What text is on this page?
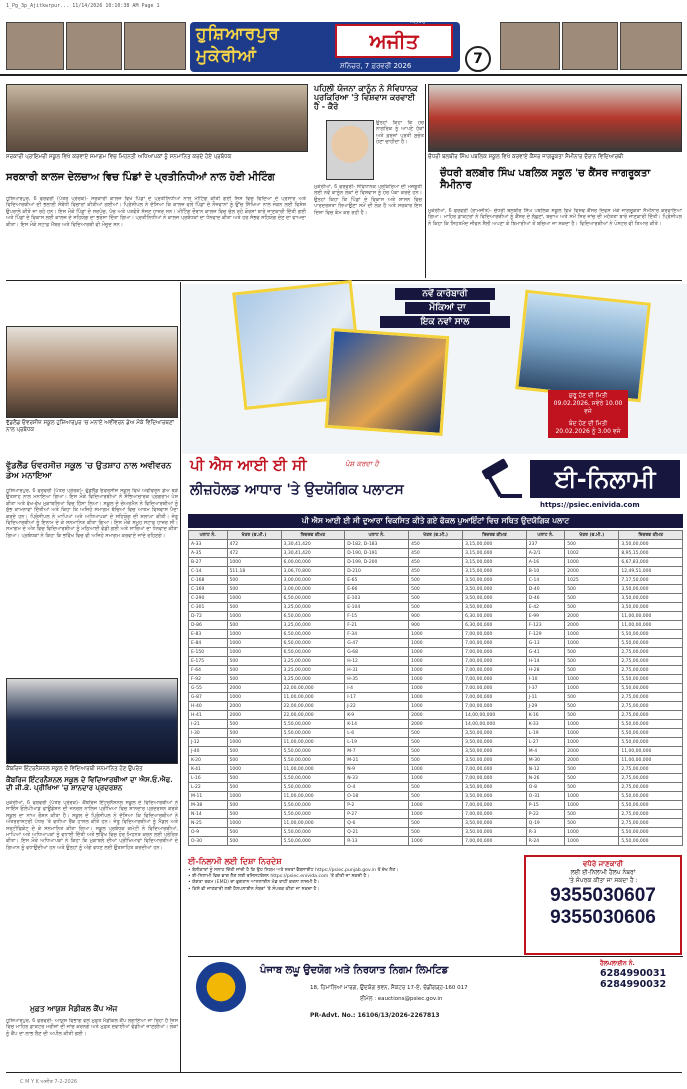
1_Pg_3p_Ajitkwrpur... 11/14/2026 10:10:38 AM Page 1
ਹੁਸ਼ਿਆਰਪੁਰ
ਮੁਕੇਰੀਆਂ
ਅਜੀਤ
ਜਲੰਧਰ
ਸ਼ਨਿਚਰ, 7 ਫ਼ਰਵਰੀ 2026	7
ਸਰਕਾਰੀ ਪ੍ਰਾਇਮਰੀ ਸਕੂਲ ਵਿਖੇ ਕਰਵਾਏ ਸਮਾਗਮ ਵਿਚ ਮਿਹਨਤੀ ਅਧਿਆਪਕਾਂ ਨੂੰ ਸਨਮਾਨਿਤ ਕਰਦੇ ਹੋਏ ਪ੍ਰਬੰਧਕ
ਸਰਕਾਰੀ ਕਾਲਜ ਦੇਲਚਾਅ ਵਿਚ ਪਿੰਡਾਂ ਦੇ ਪ੍ਰਤੀਨਿਧੀਆਂ ਨਾਲ ਹੋਈ ਮੀਟਿੰਗ
ਹੁਸ਼ਿਆਰਪੁਰ, 6 ਫਰਵਰੀ (ਪੱਤਰ ਪ੍ਰੇਰਕ)- ਸਰਕਾਰੀ ਕਾਲਜ ਵਿਖੇ ਪਿੰਡਾਂ ਦੇ ਪ੍ਰਤੀਨਿਧੀਆਂ ਨਾਲ ਮੀਟਿੰਗ ਕੀਤੀ ਗਈ ਜਿਸ ਵਿਚ ਵਿਦਿਆ ਦੇ ਪ੍ਰਸਾਰ ਅਤੇ ਵਿਦਿਆਰਥੀਆਂ ਦੀ ਭਲਾਈ ਸੰਬੰਧੀ ਵਿਚਾਰਾਂ ਕੀਤੀਆਂ ਗਈਆਂ। ਪ੍ਰਿੰਸੀਪਲ ਨੇ ਦੱਸਿਆ ਕਿ ਕਾਲਜ ਵਲੋਂ ਪਿੰਡਾਂ ਦੇ ਨੌਜਵਾਨਾਂ ਨੂੰ ਉੱਚ ਸਿੱਖਿਆ ਨਾਲ ਜੋੜਨ ਲਈ ਵਿਸ਼ੇਸ਼ ਉਪਰਾਲੇ ਕੀਤੇ ਜਾ ਰਹੇ ਹਨ। ਇਸ ਮੌਕੇ ਪਿੰਡਾਂ ਦੇ ਸਰਪੰਚ, ਪੰਚ ਅਤੇ ਪਤਵੰਤੇ ਸੱਜਣ ਹਾਜ਼ਰ ਸਨ। ਮੀਟਿੰਗ ਦੌਰਾਨ ਕਾਲਜ ਵਿਚ ਚੱਲ ਰਹੇ ਕੋਰਸਾਂ ਬਾਰੇ ਜਾਣਕਾਰੀ ਦਿੱਤੀ ਗਈ ਅਤੇ ਪਿੰਡਾਂ ਦੇ ਵਿਕਾਸ ਲਈ ਕਾਲਜ ਦੇ ਸਹਿਯੋਗ ਦਾ ਭਰੋਸਾ ਦਿੱਤਾ ਗਿਆ। ਪ੍ਰਤੀਨਿਧੀਆਂ ਨੇ ਕਾਲਜ ਪ੍ਰਬੰਧਕਾਂ ਦਾ ਧੰਨਵਾਦ ਕੀਤਾ ਅਤੇ ਹਰ ਸੰਭਵ ਸਹਿਯੋਗ ਦੇਣ ਦਾ ਵਾਅਦਾ ਕੀਤਾ। ਇਸ ਮੌਕੇ ਸਟਾਫ਼ ਮੈਂਬਰ ਅਤੇ ਵਿਦਿਆਰਥੀ ਵੀ ਮੌਜੂਦ ਸਨ।
ਪਹਿਲੀ ਯੋਜਨਾ ਕਾਨੂੰਨ ਨੇ ਸੰਵਿਧਾਨਕ ਪ੍ਰਕਿਰਿਆ 'ਤੇ ਵਿਸ਼ਵਾਸ ਕਰਵਾਈ ਹੈ - ਕੈਰੋ
ਮੁਕੇਰੀਆਂ, 6 ਫਰਵਰੀ- ਸੰਵਿਧਾਨਕ ਪ੍ਰਕਿਰਿਆ ਦੀ ਮਜ਼ਬੂਤੀ ਲਈ ਨਵੇਂ ਕਾਨੂੰਨ ਲੋਕਾਂ ਦੇ ਵਿਸ਼ਵਾਸ ਨੂੰ ਹੋਰ ਪੱਕਾ ਕਰਦੇ ਹਨ। ਉਨ੍ਹਾਂ ਕਿਹਾ ਕਿ ਪਿੰਡਾਂ ਦੇ ਵਿਕਾਸ ਅਤੇ ਸ਼ਾਸਨ ਵਿਚ ਪਾਰਦਰਸ਼ਤਾ ਲਿਆਉਣਾ ਸਮੇਂ ਦੀ ਲੋੜ ਹੈ ਅਤੇ ਸਰਕਾਰ ਇਸ ਦਿਸ਼ਾ ਵਿਚ ਕੰਮ ਕਰ ਰਹੀ ਹੈ।
ਉਨ੍ਹਾਂ ਕਿਹਾ ਕਿ ਹਰ ਨਾਗਰਿਕ ਨੂੰ ਆਪਣੇ ਹੱਕਾਂ ਅਤੇ ਫ਼ਰਜ਼ਾਂ ਪ੍ਰਤੀ ਸੁਚੇਤ ਹੋਣਾ ਚਾਹੀਦਾ ਹੈ।
ਚੌਧਰੀ ਬਲਬੀਰ ਸਿੰਘ ਪਬਲਿਕ ਸਕੂਲ ਵਿਖੇ ਕਰਵਾਏ ਕੈਂਸਰ ਜਾਗਰੂਕਤਾ ਸੈਮੀਨਾਰ ਦੌਰਾਨ ਵਿਦਿਆਰਥੀ
ਚੌਧਰੀ ਬਲਬੀਰ ਸਿੰਘ ਪਬਲਿਕ ਸਕੂਲ 'ਚ ਕੈਂਸਰ ਜਾਗਰੂਕਤਾ ਸੈਮੀਨਾਰ
ਮੁਕੇਰੀਆਂ, 6 ਫਰਵਰੀ (ਰਾਮਜੀਤ)- ਚੌਧਰੀ ਬਲਬੀਰ ਸਿੰਘ ਪਬਲਿਕ ਸਕੂਲ ਵਿਖੇ ਵਿਸ਼ਵ ਕੈਂਸਰ ਦਿਵਸ ਮੌਕੇ ਜਾਗਰੂਕਤਾ ਸੈਮੀਨਾਰ ਕਰਵਾਇਆ ਗਿਆ। ਮਾਹਿਰ ਡਾਕਟਰਾਂ ਨੇ ਵਿਦਿਆਰਥੀਆਂ ਨੂੰ ਕੈਂਸਰ ਦੇ ਲੱਛਣਾਂ, ਬਚਾਅ ਅਤੇ ਸਮੇਂ ਸਿਰ ਜਾਂਚ ਦੀ ਮਹੱਤਤਾ ਬਾਰੇ ਜਾਣਕਾਰੀ ਦਿੱਤੀ। ਪ੍ਰਿੰਸੀਪਲ ਨੇ ਕਿਹਾ ਕਿ ਸਿਹਤਮੰਦ ਜੀਵਨ ਸ਼ੈਲੀ ਅਪਣਾ ਕੇ ਬਿਮਾਰੀਆਂ ਤੋਂ ਬਚਿਆ ਜਾ ਸਕਦਾ ਹੈ। ਵਿਦਿਆਰਥੀਆਂ ਨੇ ਪੋਸਟਰ ਵੀ ਤਿਆਰ ਕੀਤੇ।
ਵੁੱਡਲੈਂਡ ਓਵਰਸੀਜ਼ ਸਕੂਲ ਹੁਸ਼ਿਆਰਪੁਰ 'ਚ ਮਨਾਏ ਅਵੀਵਰਨ ਡੇਅ ਮੌਕੇ ਵਿਦਿਆਰਥਣਾਂ ਨਾਲ ਪ੍ਰਬੰਧਕ
ਵੁੱਡਲੈਂਡ ਓਵਰਸੀਜ਼ ਸਕੂਲ 'ਚ ਉਤਸ਼ਾਹ ਨਾਲ ਅਵੀਵਰਨ ਡੇਅ ਮਨਾਇਆ
ਹੁਸ਼ਿਆਰਪੁਰ, 6 ਫਰਵਰੀ (ਪੱਤਰ ਪ੍ਰੇਰਕ)- ਵੁੱਡਲੈਂਡ ਓਵਰਸੀਜ਼ ਸਕੂਲ ਵਿਖੇ ਅਵੀਵਰਨ ਡੇਅ ਬੜੇ ਉਤਸ਼ਾਹ ਨਾਲ ਮਨਾਇਆ ਗਿਆ। ਇਸ ਮੌਕੇ ਵਿਦਿਆਰਥੀਆਂ ਨੇ ਸੱਭਿਆਚਾਰਕ ਪ੍ਰੋਗਰਾਮ ਪੇਸ਼ ਕੀਤਾ ਅਤੇ ਵੱਖ-ਵੱਖ ਮੁਕਾਬਲਿਆਂ ਵਿਚ ਹਿੱਸਾ ਲਿਆ। ਸਕੂਲ ਦੇ ਚੇਅਰਮੈਨ ਨੇ ਵਿਦਿਆਰਥੀਆਂ ਨੂੰ ਸ਼ੁੱਭ ਕਾਮਨਾਵਾਂ ਦਿੱਤੀਆਂ ਅਤੇ ਕਿਹਾ ਕਿ ਅਜਿਹੇ ਸਮਾਗਮ ਬੱਚਿਆਂ ਵਿਚ ਆਤਮ ਵਿਸ਼ਵਾਸ ਪੈਦਾ ਕਰਦੇ ਹਨ। ਪ੍ਰਿੰਸੀਪਲ ਨੇ ਮਾਪਿਆਂ ਅਤੇ ਅਧਿਆਪਕਾਂ ਦੇ ਸਹਿਯੋਗ ਦੀ ਸ਼ਲਾਘਾ ਕੀਤੀ। ਜੇਤੂ ਵਿਦਿਆਰਥੀਆਂ ਨੂੰ ਇਨਾਮ ਦੇ ਕੇ ਸਨਮਾਨਿਤ ਕੀਤਾ ਗਿਆ। ਇਸ ਮੌਕੇ ਸਮੂਹ ਸਟਾਫ਼ ਹਾਜ਼ਰ ਸੀ। ਸਮਾਗਮ ਦੇ ਅੰਤ ਵਿਚ ਵਿਦਿਆਰਥੀਆਂ ਨੂੰ ਮਠਿਆਈ ਵੰਡੀ ਗਈ ਅਤੇ ਸਾਰਿਆਂ ਦਾ ਧੰਨਵਾਦ ਕੀਤਾ ਗਿਆ। ਪ੍ਰਬੰਧਕਾਂ ਨੇ ਕਿਹਾ ਕਿ ਭਵਿੱਖ ਵਿਚ ਵੀ ਅਜਿਹੇ ਸਮਾਗਮ ਕਰਵਾਏ ਜਾਂਦੇ ਰਹਿਣਗੇ।
ਕੈਂਬਰਿਜ ਇੰਟਰਨੈਸ਼ਨਲ ਸਕੂਲ ਦੇ ਵਿਦਿਆਰਥੀ ਸਨਮਾਨਿਤ ਹੋਣ ਉਪਰੰਤ
ਕੈਂਬਰਿਜ ਇੰਟਰਨੈਸ਼ਨਲ ਸਕੂਲ ਦੇ ਵਿਦਿਆਰਥੀਆਂ ਦਾ ਐਸ.ਓ.ਐਫ. ਦੀ ਜੀ.ਕੇ. ਪ੍ਰੀਖਿਆ 'ਚ ਸ਼ਾਨਦਾਰ ਪ੍ਰਦਰਸ਼ਨ
ਮੁਕੇਰੀਆਂ, 6 ਫਰਵਰੀ (ਪੱਤਰ ਪ੍ਰੇਰਕ)- ਕੈਂਬਰਿਜ ਇੰਟਰਨੈਸ਼ਨਲ ਸਕੂਲ ਦੇ ਵਿਦਿਆਰਥੀਆਂ ਨੇ ਸਾਇੰਸ ਓਲੰਪੀਆਡ ਫਾਊਂਡੇਸ਼ਨ ਦੀ ਜਨਰਲ ਨਾਲਿਜ ਪ੍ਰੀਖਿਆ ਵਿਚ ਸ਼ਾਨਦਾਰ ਪ੍ਰਦਰਸ਼ਨ ਕਰਕੇ ਸਕੂਲ ਦਾ ਨਾਂਅ ਰੌਸ਼ਨ ਕੀਤਾ ਹੈ। ਸਕੂਲ ਦੇ ਪ੍ਰਿੰਸੀਪਲ ਨੇ ਦੱਸਿਆ ਕਿ ਵਿਦਿਆਰਥੀਆਂ ਨੇ ਅੰਤਰਰਾਸ਼ਟਰੀ ਪੱਧਰ 'ਤੇ ਵਧੀਆ ਰੈਂਕ ਹਾਸਲ ਕੀਤੇ ਹਨ। ਜੇਤੂ ਵਿਦਿਆਰਥੀਆਂ ਨੂੰ ਮੈਡਲ ਅਤੇ ਸਰਟੀਫਿਕੇਟ ਦੇ ਕੇ ਸਨਮਾਨਿਤ ਕੀਤਾ ਗਿਆ। ਸਕੂਲ ਪ੍ਰਬੰਧਕ ਕਮੇਟੀ ਨੇ ਵਿਦਿਆਰਥੀਆਂ, ਮਾਪਿਆਂ ਅਤੇ ਅਧਿਆਪਕਾਂ ਨੂੰ ਵਧਾਈ ਦਿੱਤੀ ਅਤੇ ਭਵਿੱਖ ਵਿਚ ਹੋਰ ਮਿਹਨਤ ਕਰਨ ਲਈ ਪ੍ਰੇਰਿਤ ਕੀਤਾ। ਇਸ ਮੌਕੇ ਅਧਿਆਪਕਾਂ ਨੇ ਕਿਹਾ ਕਿ ਮੁਕਾਬਲੇ ਦੀਆਂ ਪ੍ਰੀਖਿਆਵਾਂ ਵਿਦਿਆਰਥੀਆਂ ਦੇ ਗਿਆਨ ਨੂੰ ਵਧਾਉਂਦੀਆਂ ਹਨ ਅਤੇ ਉਨ੍ਹਾਂ ਨੂੰ ਅੱਗੇ ਵਧਣ ਲਈ ਉਤਸ਼ਾਹਿਤ ਕਰਦੀਆਂ ਹਨ।
ਮੁਫ਼ਤ ਆਯੁਸ਼ ਮੈਡੀਕਲ ਕੈਂਪ ਅੱਜ
ਹੁਸ਼ਿਆਰਪੁਰ, 6 ਫਰਵਰੀ- ਆਯੁਸ਼ ਵਿਭਾਗ ਵਲੋਂ ਮੁਫ਼ਤ ਮੈਡੀਕਲ ਕੈਂਪ ਲਗਾਇਆ ਜਾ ਰਿਹਾ ਹੈ ਜਿਸ ਵਿਚ ਮਾਹਿਰ ਡਾਕਟਰ ਮਰੀਜ਼ਾਂ ਦੀ ਜਾਂਚ ਕਰਨਗੇ ਅਤੇ ਮੁਫ਼ਤ ਦਵਾਈਆਂ ਵੰਡੀਆਂ ਜਾਣਗੀਆਂ। ਲੋਕਾਂ ਨੂੰ ਕੈਂਪ ਦਾ ਲਾਭ ਲੈਣ ਦੀ ਅਪੀਲ ਕੀਤੀ ਗਈ।
ਨਵੇਂ ਕਾਰੋਬਾਰੀ
ਮੌਕਿਆਂ ਦਾ
ਇਕ ਨਵਾਂ ਸਾਲ
ਸ਼ੁਰੂ ਹੋਣ ਦੀ ਮਿਤੀ
09.02.2026, ਸਵੇਰੇ 10.00 ਵਜੇ
ਬੰਦ ਹੋਣ ਦੀ ਮਿਤੀ
20.02.2026 ਨੂੰ 3.00 ਵਜੇ
ਪੀ ਐਸ ਆਈ ਈ ਸੀ	ਪੇਸ਼ ਕਰਦਾ ਹੈ
ਲੀਜ਼ਹੋਲਡ ਆਧਾਰ 'ਤੇ ਉਦਯੋਗਿਕ ਪਲਾਟਸ	ਈ-ਨਿਲਾਮੀ
https://psiec.enivida.com
ਪੀ ਐਸ ਆਈ ਈ ਸੀ ਦੁਆਰਾ ਵਿਕਸਿਤ ਕੀਤੇ ਗਏ ਫੋਕਲ ਪੁਆਇੰਟਾਂ ਵਿਚ ਸਥਿਤ ਉਦਯੋਗਿਕ ਪਲਾਟ
ਪਲਾਟ ਨੰ.	ਖੇਤਰ (ਵ.ਮੀ.)	ਰਿਜ਼ਰਵ ਕੀਮਤ	ਪਲਾਟ ਨੰ.	ਖੇਤਰ (ਵ.ਮੀ.)	ਰਿਜ਼ਰਵ ਕੀਮਤ	ਪਲਾਟ ਨੰ.	ਖੇਤਰ (ਵ.ਮੀ.)	ਰਿਜ਼ਰਵ ਕੀਮਤ
A-33	472	3,30,41,420	D-182, D-183	450	3,15,00,000	237	500	3,50,00,000
A-35	472	3,30,41,420	D-190, D-191	450	3,15,00,000	A-2/1	1002	8,95,15,000
B-27	1000	6,00,00,000	D-199, D-200	450	3,15,00,000	A-16	1000	6,67,83,000
C-14	511.18	3,06,70,800	D-210	450	3,15,00,000	B-10	2000	12,49,51,000
C-168	500	3,00,00,000	E-65	500	3,50,00,000	C-14	1025	7,17,50,000
C-169	500	3,00,00,000	E-66	500	3,50,00,000	D-40	500	3,50,00,000
C-290	1000	6,50,00,000	E-103	500	3,50,00,000	D-46	500	3,50,00,000
C-301	500	3,25,00,000	E-104	500	3,50,00,000	E-42	500	3,50,00,000
D-72	1000	6,50,00,000	F-15	900	6,30,00,000	E-99	2000	11,00,00,000
D-86	500	3,25,00,000	F-21	900	6,30,00,000	F-123	2000	11,00,00,000
E-83	1000	6,50,00,000	F-34	1000	7,00,00,000	F-129	1000	5,50,00,000
E-84	1000	6,50,00,000	G-47	1000	7,00,00,000	G-13	1000	5,50,00,000
E-150	1000	6,50,00,000	G-68	1000	7,00,00,000	G-41	500	2,75,00,000
E-175	500	3,25,00,000	H-12	1000	7,00,00,000	H-14	500	2,75,00,000
F-64	500	3,25,00,000	H-31	1000	7,00,00,000	H-28	500	2,75,00,000
F-92	500	3,25,00,000	H-35	1000	7,00,00,000	I-10	1000	5,50,00,000
G-55	2000	22,00,00,000	I-4	1000	7,00,00,000	I-37	1000	5,50,00,000
G-87	1000	11,00,00,000	I-17	1000	7,00,00,000	J-11	500	2,75,00,000
H-40	2000	22,00,00,000	J-22	1000	7,00,00,000	J-29	500	2,75,00,000
H-41	2000	22,00,00,000	K-9	2000	14,00,00,000	K-16	500	2,75,00,000
I-21	500	5,50,00,000	K-14	2000	14,00,00,000	K-33	1000	5,50,00,000
I-30	500	5,50,00,000	L-6	500	3,50,00,000	L-19	1000	5,50,00,000
J-12	1000	11,00,00,000	L-19	500	3,50,00,000	L-27	1000	5,50,00,000
J-40	500	5,50,00,000	M-7	500	3,50,00,000	M-4	2000	11,00,00,000
K-20	500	5,50,00,000	M-21	500	3,50,00,000	M-30	2000	11,00,00,000
K-41	1000	11,00,00,000	N-9	1000	7,00,00,000	N-12	500	2,75,00,000
L-16	500	5,50,00,000	N-33	1000	7,00,00,000	N-26	500	2,75,00,000
L-22	500	5,50,00,000	O-4	500	3,50,00,000	O-8	500	2,75,00,000
M-11	1000	11,00,00,000	O-18	500	3,50,00,000	O-31	1000	5,50,00,000
M-38	500	5,50,00,000	P-2	1000	7,00,00,000	P-15	1000	5,50,00,000
N-14	500	5,50,00,000	P-27	1000	7,00,00,000	P-22	500	2,75,00,000
N-25	1000	11,00,00,000	Q-6	500	3,50,00,000	Q-19	500	2,75,00,000
O-9	500	5,50,00,000	Q-21	500	3,50,00,000	R-3	1000	5,50,00,000
O-30	500	5,50,00,000	R-13	1000	7,00,00,000	R-24	1000	5,50,00,000
ਈ-ਨਿਲਾਮੀ ਲਈ ਦਿਸ਼ਾ ਨਿਰਦੇਸ਼
• ਬੋਲੀਕਾਰਾਂ ਨੂੰ ਸਲਾਹ ਦਿੱਤੀ ਜਾਂਦੀ ਹੈ ਕਿ ਉਹ ਨਿਯਮ ਅਤੇ ਸ਼ਰਤਾਂ ਵੈੱਬਸਾਈਟ https://psiec.punjab.gov.in ਤੋਂ ਦੇਖ ਲੈਣ।
• ਈ-ਨਿਲਾਮੀ ਵਿਚ ਭਾਗ ਲੈਣ ਲਈ ਰਜਿਸਟਰੇਸ਼ਨ https://psiec.enivida.com 'ਤੇ ਕੀਤੀ ਜਾ ਸਕਦੀ ਹੈ।
• ਯੋਗਤਾ ਰਕਮ (EMD) ਦਾ ਭੁਗਤਾਨ ਆਨਲਾਈਨ ਮੋਡ ਰਾਹੀਂ ਕਰਨਾ ਲਾਜ਼ਮੀ ਹੈ।
• ਕਿਸੇ ਵੀ ਜਾਣਕਾਰੀ ਲਈ ਹੈਲਪਲਾਈਨ ਨੰਬਰਾਂ 'ਤੇ ਸੰਪਰਕ ਕੀਤਾ ਜਾ ਸਕਦਾ ਹੈ।
ਵਧੇਰੇ ਜਾਣਕਾਰੀ
ਲਈ ਈ-ਨਿਲਾਮੀ ਹੈਲਪ ਨੰਬਰਾਂ
'ਤੇ ਸੰਪਰਕ ਕੀਤਾ ਜਾ ਸਕਦਾ ਹੈ :
9355030607
9355030606
ਪੰਜਾਬ ਲਘੂ ਉਦਯੋਗ ਅਤੇ ਨਿਰਯਾਤ ਨਿਗਮ ਲਿਮਟਿਡ
18, ਹਿਮਾਲਿਆ ਮਾਰਗ, ਉਦਯੋਗ ਭਵਨ, ਸੈਕਟਰ 17-ਏ, ਚੰਡੀਗੜ੍ਹ-160 017
ਈਮੇਲ : eauctions@psiec.gov.in
PR-Advt. No.: 16106/13/2026-2267813
ਹੈਲਪਲਾਈਨ ਨੰ.
6284990031
6284990032
C M Y K ਅਜੀਤ 7-2-2026
